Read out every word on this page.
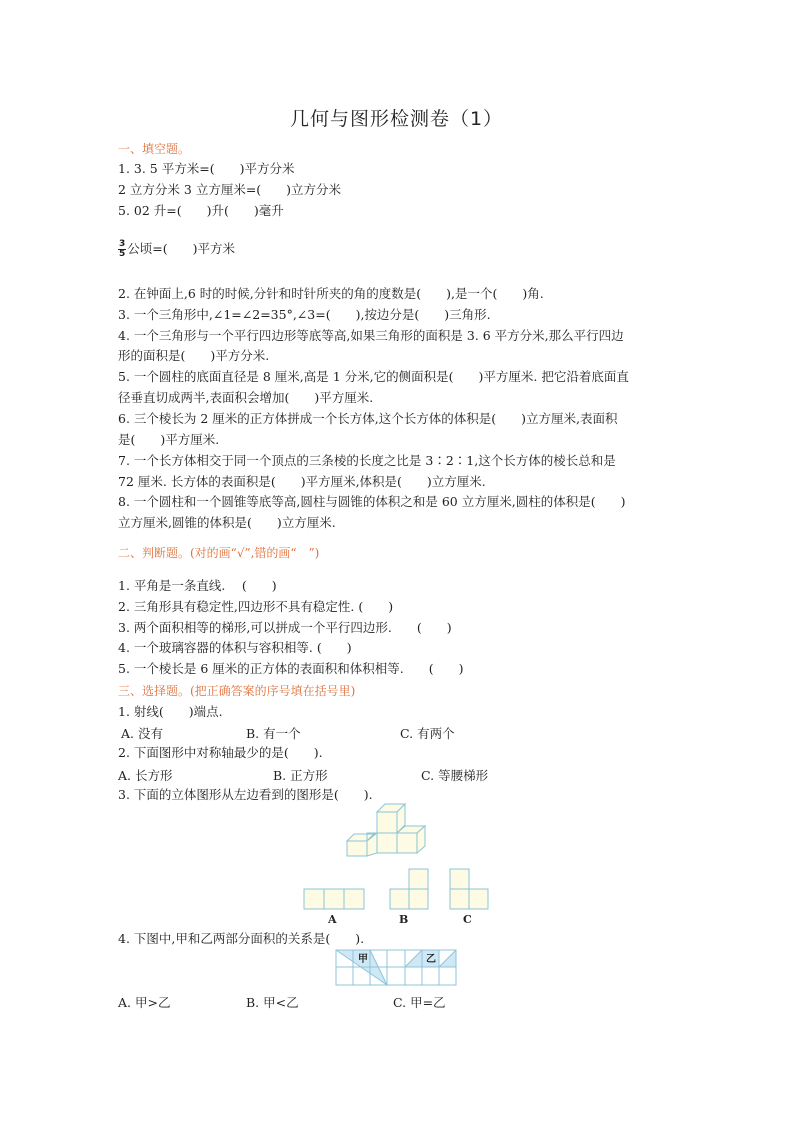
几何与图形检测卷（1）
一、填空题。
1. 3. 5 平方米=(　　)平方分米
2 立方分米 3 立方厘米=(　　)立方分米
5. 02 升=(　　)升(　　)毫升
$\frac{3}{5}$ 公顷=(　　)平方米
2. 在钟面上,6 时的时候,分针和时针所夹的角的度数是(　　),是一个(　　)角.
3. 一个三角形中,∠1=∠2=35°,∠3=(　　),按边分是(　　)三角形.
4. 一个三角形与一个平行四边形等底等高,如果三角形的面积是 3. 6 平方分米,那么平行四边
形的面积是(　　)平方分米.
5. 一个圆柱的底面直径是 8 厘米,高是 1 分米,它的侧面积是(　　)平方厘米. 把它沿着底面直
径垂直切成两半,表面积会增加(　　)平方厘米.
6. 三个棱长为 2 厘米的正方体拼成一个长方体,这个长方体的体积是(　　)立方厘米,表面积
是(　　)平方厘米.
7. 一个长方体相交于同一个顶点的三条棱的长度之比是 3∶2∶1,这个长方体的棱长总和是
72 厘米. 长方体的表面积是(　　)平方厘米,体积是(　　)立方厘米.
8. 一个圆柱和一个圆锥等底等高,圆柱与圆锥的体积之和是 60 立方厘米,圆柱的体积是(　　)
立方厘米,圆锥的体积是(　　)立方厘米.
二、判断题。(对的画“√”,错的画“　”)
1. 平角是一条直线.　 (　　)
2. 三角形具有稳定性,四边形不具有稳定性. (　　)
3. 两个面积相等的梯形,可以拼成一个平行四边形.　　(　　)
4. 一个玻璃容器的体积与容积相等. (　　)
5. 一个棱长是 6 厘米的正方体的表面积和体积相等.　　(　　)
三、选择题。(把正确答案的序号填在括号里)
1. 射线(　　)端点.
A. 没有	B. 有一个	C. 有两个
2. 下面图形中对称轴最少的是(　　).
A. 长方形	B. 正方形	C. 等腰梯形
3. 下面的立体图形从左边看到的图形是(　　).
A	B	C
4. 下图中,甲和乙两部分面积的关系是(　　).
甲	乙
A. 甲>乙	B. 甲<乙	C. 甲=乙
